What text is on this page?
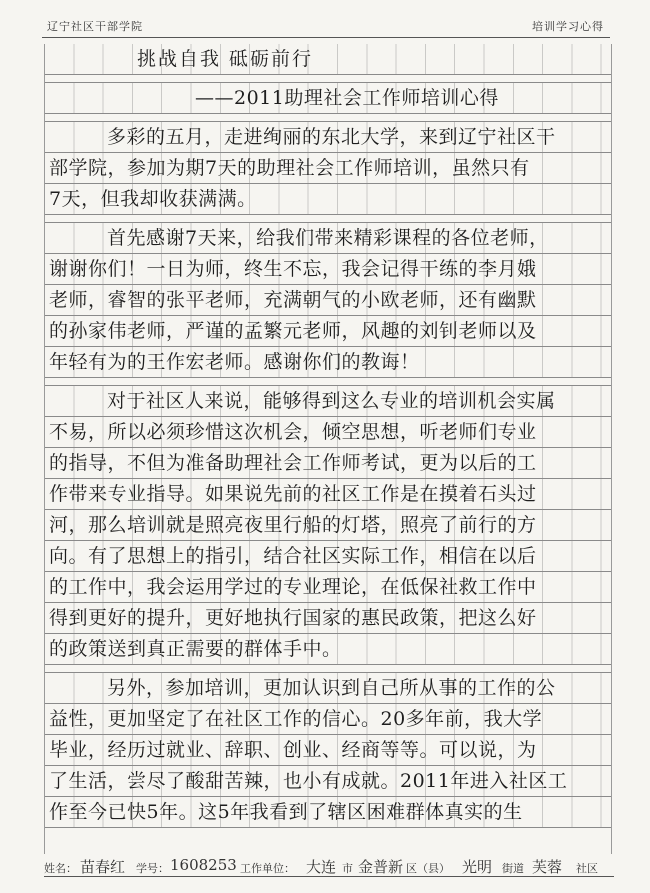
辽宁社区干部学院	培训学习心得
挑战自我 砥砺前行
——2011助理社会工作师培训心得
多彩的五月，走进绚丽的东北大学，来到辽宁社区干
部学院，参加为期7天的助理社会工作师培训，虽然只有
7天，但我却收获满满。
首先感谢7天来，给我们带来精彩课程的各位老师，
谢谢你们！一日为师，终生不忘，我会记得干练的李月娥
老师，睿智的张平老师，充满朝气的小欧老师，还有幽默
的孙家伟老师，严谨的孟繁元老师，风趣的刘钊老师以及
年轻有为的王作宏老师。感谢你们的教诲！
对于社区人来说，能够得到这么专业的培训机会实属
不易，所以必须珍惜这次机会，倾空思想，听老师们专业
的指导，不但为准备助理社会工作师考试，更为以后的工
作带来专业指导。如果说先前的社区工作是在摸着石头过
河，那么培训就是照亮夜里行船的灯塔，照亮了前行的方
向。有了思想上的指引，结合社区实际工作，相信在以后
的工作中，我会运用学过的专业理论，在低保社救工作中
得到更好的提升，更好地执行国家的惠民政策，把这么好
的政策送到真正需要的群体手中。
另外，参加培训，更加认识到自己所从事的工作的公
益性，更加坚定了在社区工作的信心。20多年前，我大学
毕业，经历过就业、辞职、创业、经商等等。可以说，为
了生活，尝尽了酸甜苦辣，也小有成就。2011年进入社区工
作至今已快5年。这5年我看到了辖区困难群体真实的生
姓名： 苗春红 学号： 1608253 工作单位： 大连 市 金普新 区（县） 光明 街道 芙蓉 社区
